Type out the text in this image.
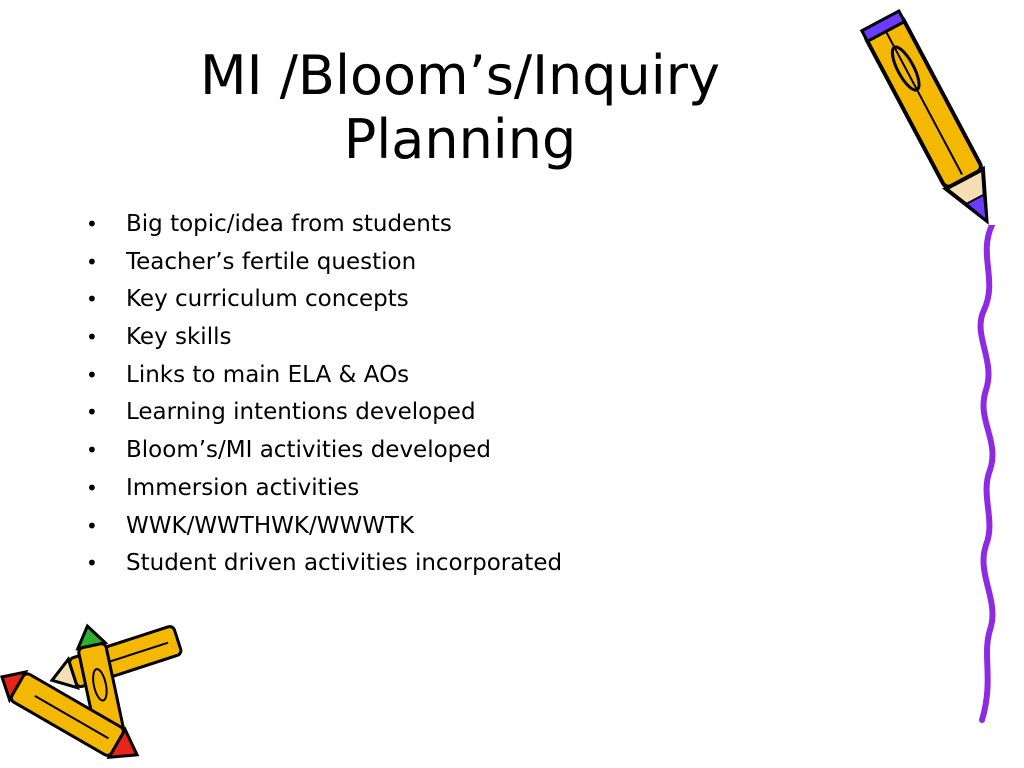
MI /Bloom’s/Inquiry
Planning
• Big topic/idea from students
• Teacher’s fertile question
• Key curriculum concepts
• Key skills
• Links to main ELA & AOs
• Learning intentions developed
• Bloom’s/MI activities developed
• Immersion activities
• WWK/WWTHWK/WWWTK
• Student driven activities incorporated
